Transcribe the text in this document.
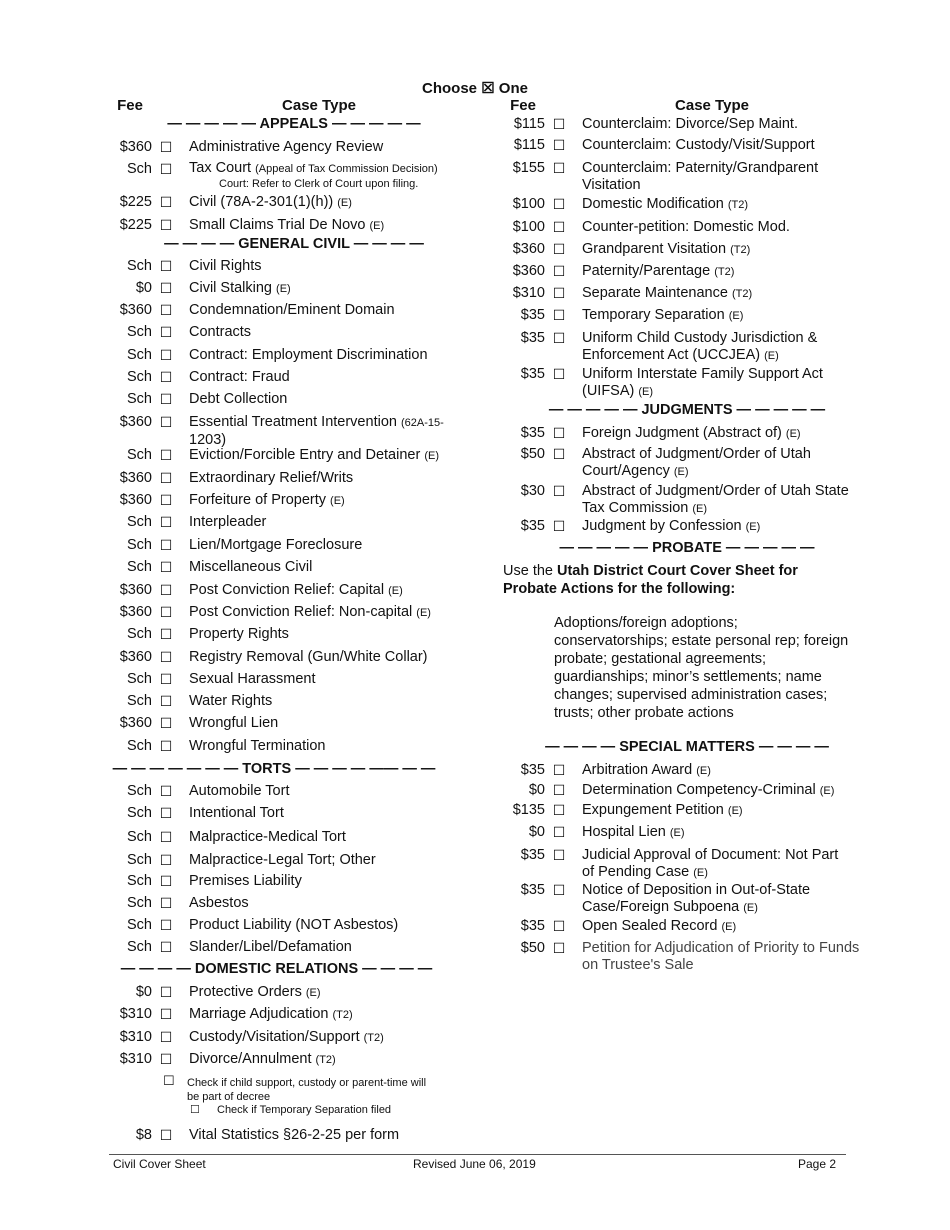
Choose ☒ One
Fee	Case Type
— — — — — APPEALS — — — — —
$360 ☐ Administrative Agency Review
Sch ☐ Tax Court (Appeal of Tax Commission Decision)
Court: Refer to Clerk of Court upon filing.
$225 ☐ Civil (78A-2-301(1)(h)) (E)
$225 ☐ Small Claims Trial De Novo (E)
— — — — GENERAL CIVIL — — — —
Sch ☐ Civil Rights
$0 ☐ Civil Stalking (E)
$360 ☐ Condemnation/Eminent Domain
Sch ☐ Contracts
Sch ☐ Contract: Employment Discrimination
Sch ☐ Contract: Fraud
Sch ☐ Debt Collection
$360 ☐ Essential Treatment Intervention (62A-15-
1203)
Sch ☐ Eviction/Forcible Entry and Detainer (E)
$360 ☐ Extraordinary Relief/Writs
$360 ☐ Forfeiture of Property (E)
Sch ☐ Interpleader
Sch ☐ Lien/Mortgage Foreclosure
Sch ☐ Miscellaneous Civil
$360 ☐ Post Conviction Relief: Capital (E)
$360 ☐ Post Conviction Relief: Non-capital (E)
Sch ☐ Property Rights
$360 ☐ Registry Removal (Gun/White Collar)
Sch ☐ Sexual Harassment
Sch ☐ Water Rights
$360 ☐ Wrongful Lien
Sch ☐ Wrongful Termination
— — — — — — — TORTS — — — — —— — —
Sch ☐ Automobile Tort
Sch ☐ Intentional Tort
Sch ☐ Malpractice-Medical Tort
Sch ☐ Malpractice-Legal Tort; Other
Sch ☐ Premises Liability
Sch ☐ Asbestos
Sch ☐ Product Liability (NOT Asbestos)
Sch ☐ Slander/Libel/Defamation
— — — — DOMESTIC RELATIONS — — — —
$0 ☐ Protective Orders (E)
$310 ☐ Marriage Adjudication (T2)
$310 ☐ Custody/Visitation/Support (T2)
$310 ☐ Divorce/Annulment (T2)
☐ Check if child support, custody or parent-time will
be part of decree
☐ Check if Temporary Separation filed
$8 ☐ Vital Statistics §26-2-25 per form
Fee	Case Type
$115 ☐ Counterclaim: Divorce/Sep Maint.
$115 ☐ Counterclaim: Custody/Visit/Support
$155 ☐ Counterclaim: Paternity/Grandparent
Visitation
$100 ☐ Domestic Modification (T2)
$100 ☐ Counter-petition: Domestic Mod.
$360 ☐ Grandparent Visitation (T2)
$360 ☐ Paternity/Parentage (T2)
$310 ☐ Separate Maintenance (T2)
$35 ☐ Temporary Separation (E)
$35 ☐ Uniform Child Custody Jurisdiction &
Enforcement Act (UCCJEA) (E)
$35 ☐ Uniform Interstate Family Support Act
(UIFSA) (E)
— — — — — JUDGMENTS — — — — —
$35 ☐ Foreign Judgment (Abstract of) (E)
$50 ☐ Abstract of Judgment/Order of Utah
Court/Agency (E)
$30 ☐ Abstract of Judgment/Order of Utah State
Tax Commission (E)
$35 ☐ Judgment by Confession (E)
— — — — — PROBATE — — — — —
Use the Utah District Court Cover Sheet for
Probate Actions for the following:
Adoptions/foreign adoptions;
conservatorships; estate personal rep; foreign
probate; gestational agreements;
guardianships; minor’s settlements; name
changes; supervised administration cases;
trusts; other probate actions
— — — — SPECIAL MATTERS — — — —
$35 ☐ Arbitration Award (E)
$0 ☐ Determination Competency-Criminal (E)
$135 ☐ Expungement Petition (E)
$0 ☐ Hospital Lien (E)
$35 ☐ Judicial Approval of Document: Not Part
of Pending Case (E)
$35 ☐ Notice of Deposition in Out-of-State
Case/Foreign Subpoena (E)
$35 ☐ Open Sealed Record (E)
$50 ☐ Petition for Adjudication of Priority to Funds
on Trustee's Sale
Civil Cover Sheet	Revised June 06, 2019	Page 2
